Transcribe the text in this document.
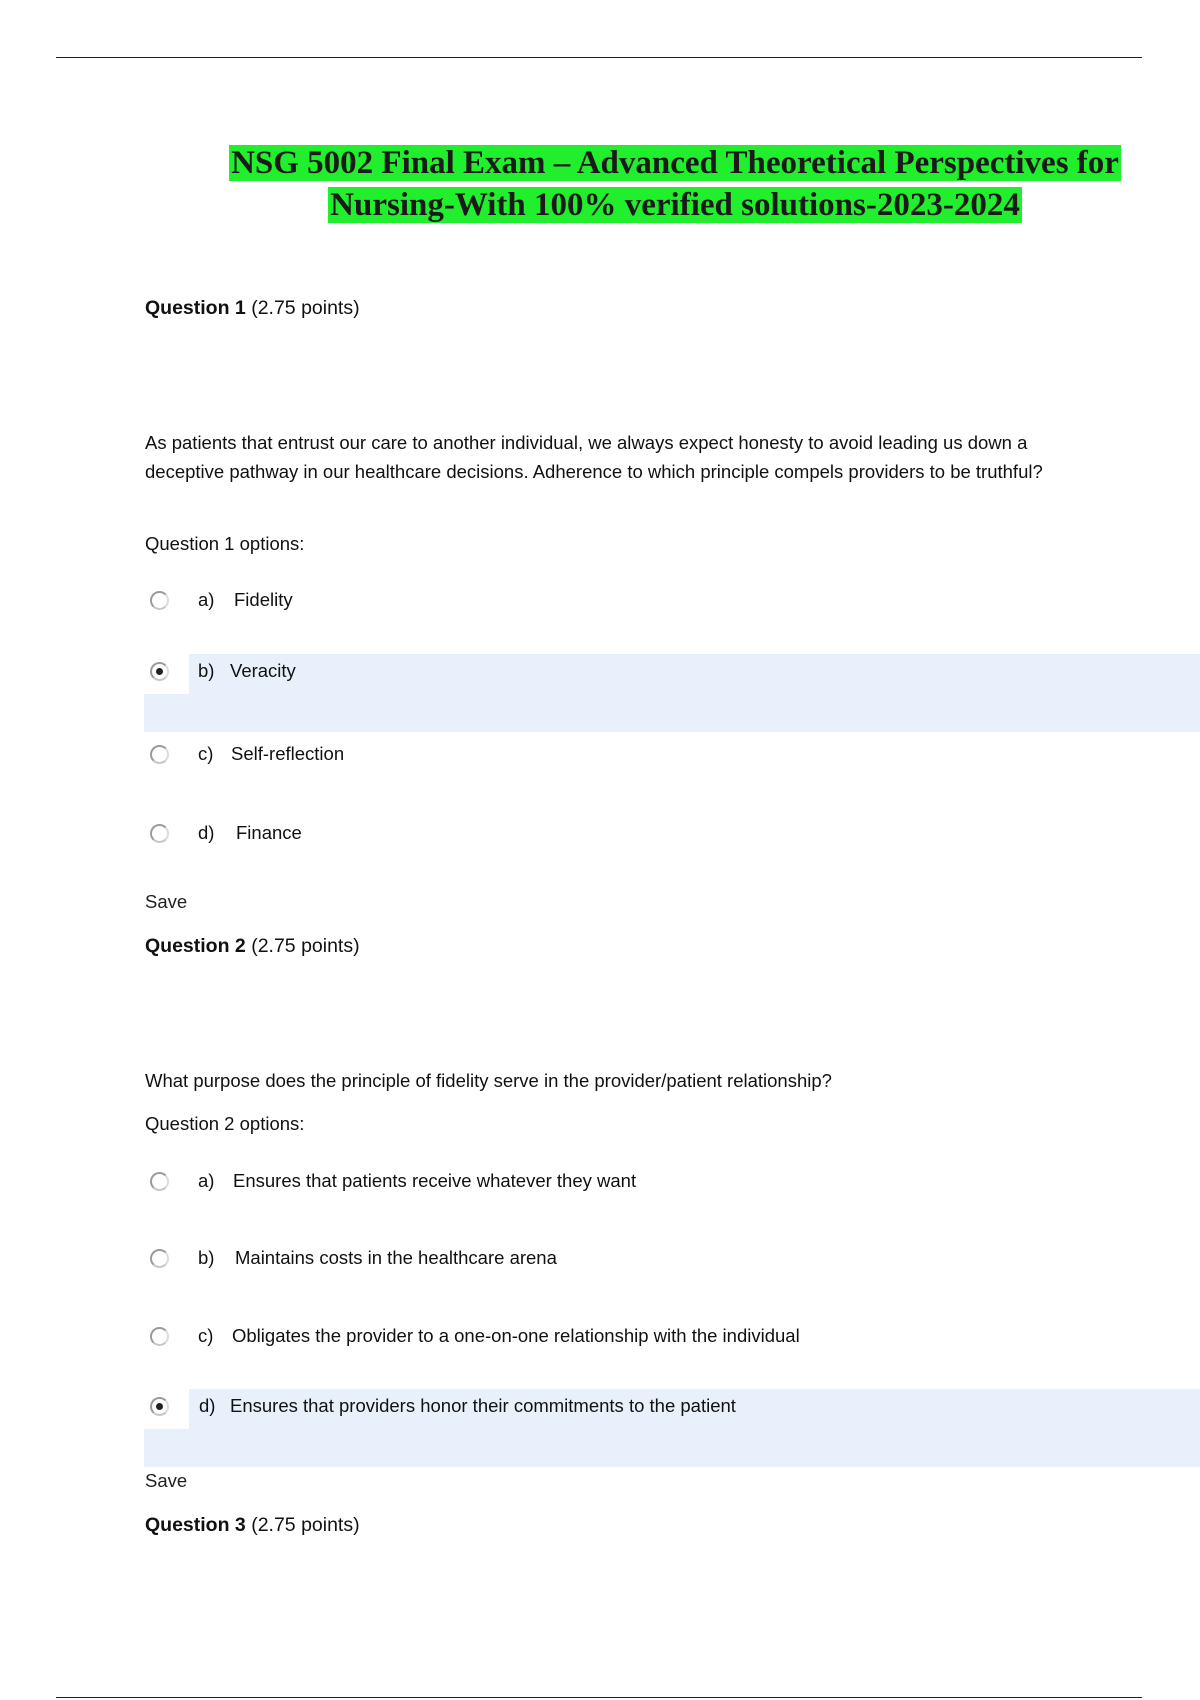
NSG 5002 Final Exam – Advanced Theoretical Perspectives for
Nursing-With 100% verified solutions-2023-2024
Question 1 (2.75 points)
As patients that entrust our care to another individual, we always expect honesty to avoid leading us down a deceptive pathway in our healthcare decisions. Adherence to which principle compels providers to be truthful?
Question 1 options:
a) Fidelity
b) Veracity
c) Self-reflection
d) Finance
Save
Question 2 (2.75 points)
What purpose does the principle of fidelity serve in the provider/patient relationship?
Question 2 options:
a) Ensures that patients receive whatever they want
b) Maintains costs in the healthcare arena
c) Obligates the provider to a one-on-one relationship with the individual
d) Ensures that providers honor their commitments to the patient
Save
Question 3 (2.75 points)
